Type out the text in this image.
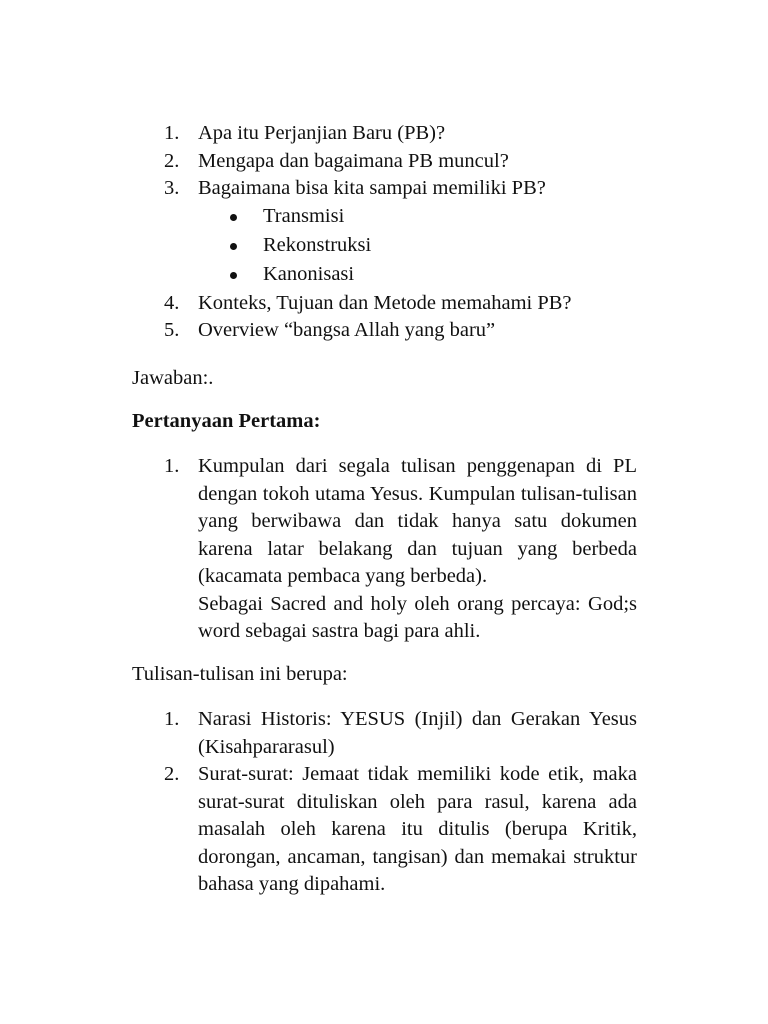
1. Apa itu Perjanjian Baru (PB)?
2. Mengapa dan bagaimana PB muncul?
3. Bagaimana bisa kita sampai memiliki PB?
Transmisi
Rekonstruksi
Kanonisasi
4. Konteks, Tujuan dan Metode memahami PB?
5. Overview “bangsa Allah yang baru”
Jawaban:.
Pertanyaan Pertama:
1. Kumpulan dari segala tulisan penggenapan di PL dengan tokoh utama Yesus. Kumpulan tulisan-tulisan yang berwibawa dan tidak hanya satu dokumen karena latar belakang dan tujuan yang berbeda (kacamata pembaca yang berbeda).
Sebagai Sacred and holy oleh orang percaya: God;s word sebagai sastra bagi para ahli.
Tulisan-tulisan ini berupa:
1. Narasi Historis: YESUS (Injil) dan Gerakan Yesus (Kisahpararasul)
2. Surat-surat: Jemaat tidak memiliki kode etik, maka surat-surat dituliskan oleh para rasul, karena ada masalah oleh karena itu ditulis (berupa Kritik, dorongan, ancaman, tangisan) dan memakai struktur bahasa yang dipahami.
